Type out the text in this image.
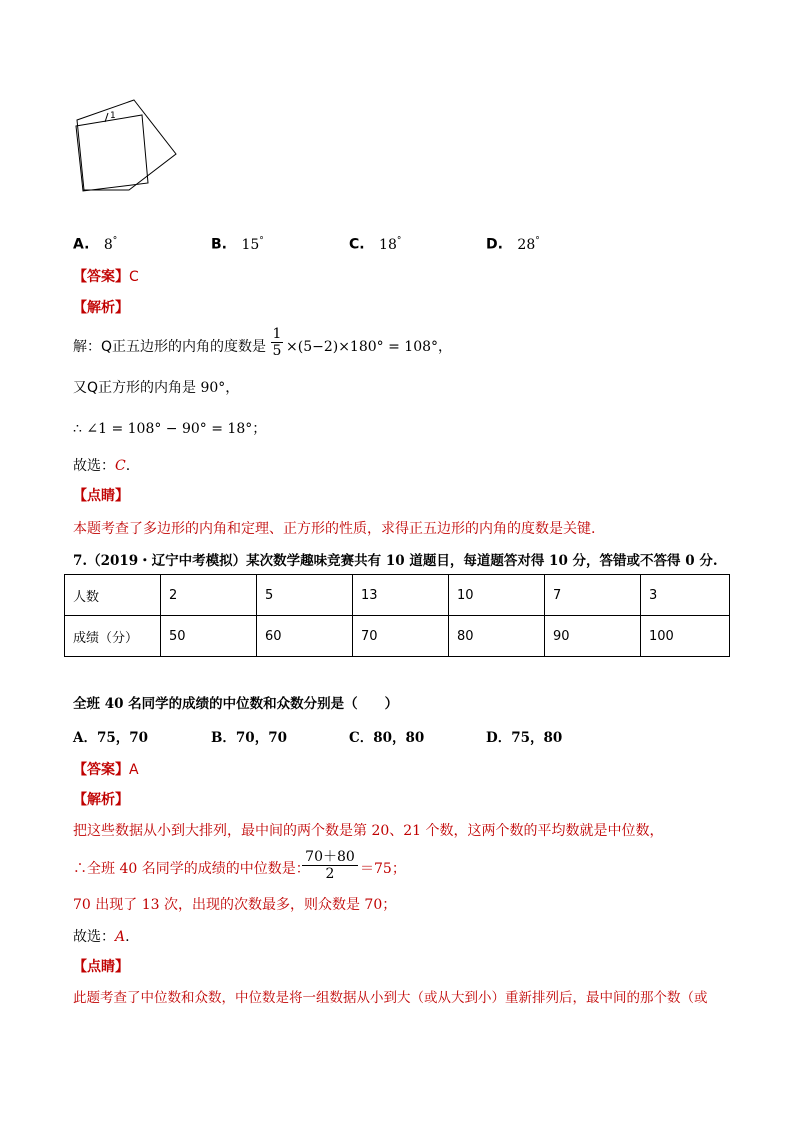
1
A. 8°	B. 15°	C. 18°	D. 28°
【答案】C
【解析】
解：Q正五边形的内角的度数是 $\frac{1}{5} \times(5-2)\times 180^\circ = 108^\circ$，
又Q正方形的内角是 90°，
∴ ∠1 = 108° − 90° = 18°；
故选：C.
【点睛】
本题考查了多边形的内角和定理、正方形的性质，求得正五边形的内角的度数是关键.
7.（2019・辽宁中考模拟）某次数学趣味竞赛共有 10 道题目，每道题答对得 10 分，答错或不答得 0 分.
人数	2	5	13	10	7	3
成绩（分）	50	60	70	80	90	100
全班 40 名同学的成绩的中位数和众数分别是（　　）
A．75，70	B．70，70	C．80，80	D．75，80
【答案】A
【解析】
把这些数据从小到大排列，最中间的两个数是第 20、21 个数，这两个数的平均数就是中位数，
∴全班 40 名同学的成绩的中位数是：
$\frac{70+80}{2} =75$；
70 出现了 13 次，出现的次数最多，则众数是 70；
故选：A.
【点睛】
此题考查了中位数和众数，中位数是将一组数据从小到大（或从大到小）重新排列后，最中间的那个数（或
